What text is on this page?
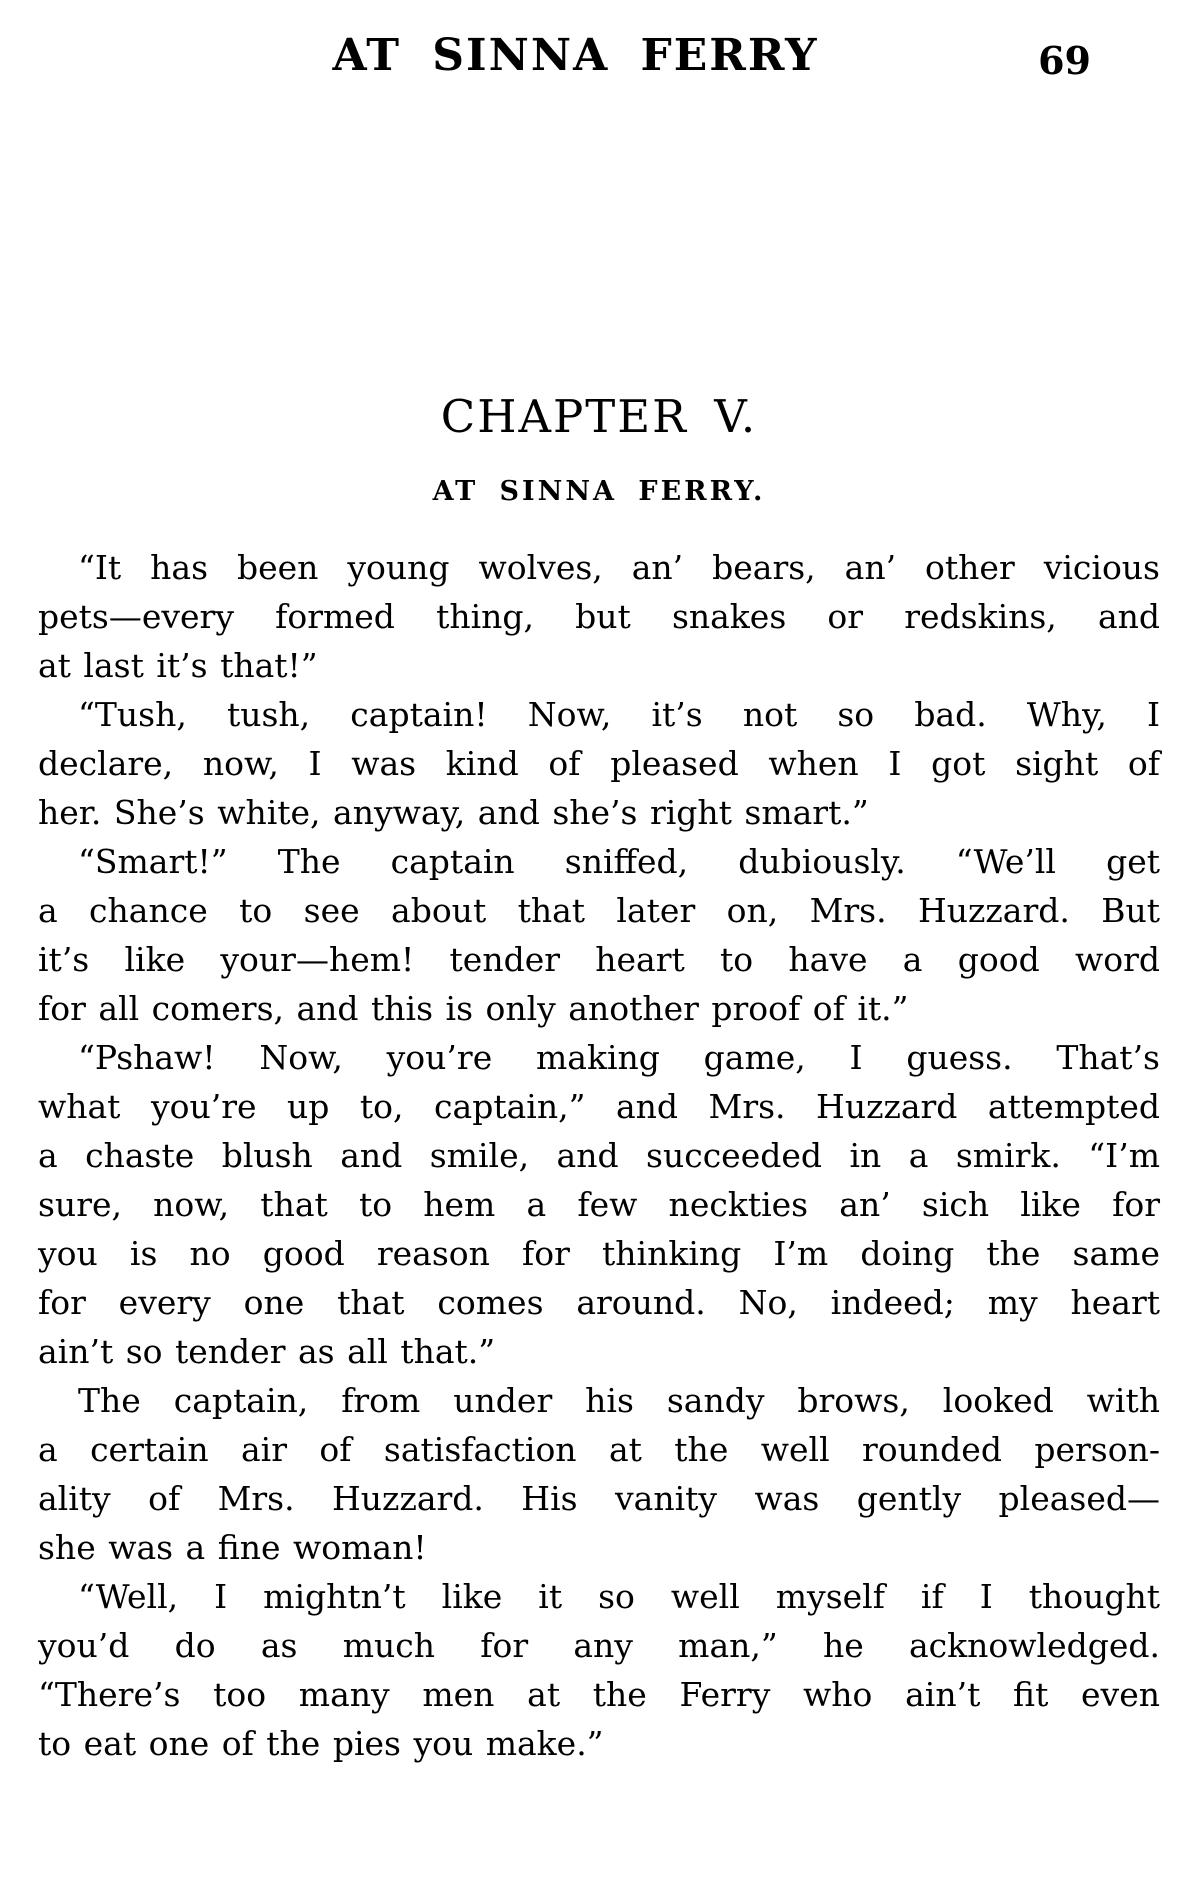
AT SINNA FERRY	69
CHAPTER V.
AT SINNA FERRY.
“It has been young wolves, an’ bears, an’ other vicious
pets—every formed thing, but snakes or redskins, and
at last it’s that!”
“Tush, tush, captain! Now, it’s not so bad. Why, I
declare, now, I was kind of pleased when I got sight of
her. She’s white, anyway, and she’s right smart.”
“Smart!” The captain sniffed, dubiously. “We’ll get
a chance to see about that later on, Mrs. Huzzard. But
it’s like your—hem! tender heart to have a good word
for all comers, and this is only another proof of it.”
“Pshaw! Now, you’re making game, I guess. That’s
what you’re up to, captain,” and Mrs. Huzzard attempted
a chaste blush and smile, and succeeded in a smirk. “I’m
sure, now, that to hem a few neckties an’ sich like for
you is no good reason for thinking I’m doing the same
for every one that comes around. No, indeed; my heart
ain’t so tender as all that.”
The captain, from under his sandy brows, looked with
a certain air of satisfaction at the well rounded person-
ality of Mrs. Huzzard. His vanity was gently pleased—
she was a fine woman!
“Well, I mightn’t like it so well myself if I thought
you’d do as much for any man,” he acknowledged.
“There’s too many men at the Ferry who ain’t fit even
to eat one of the pies you make.”
